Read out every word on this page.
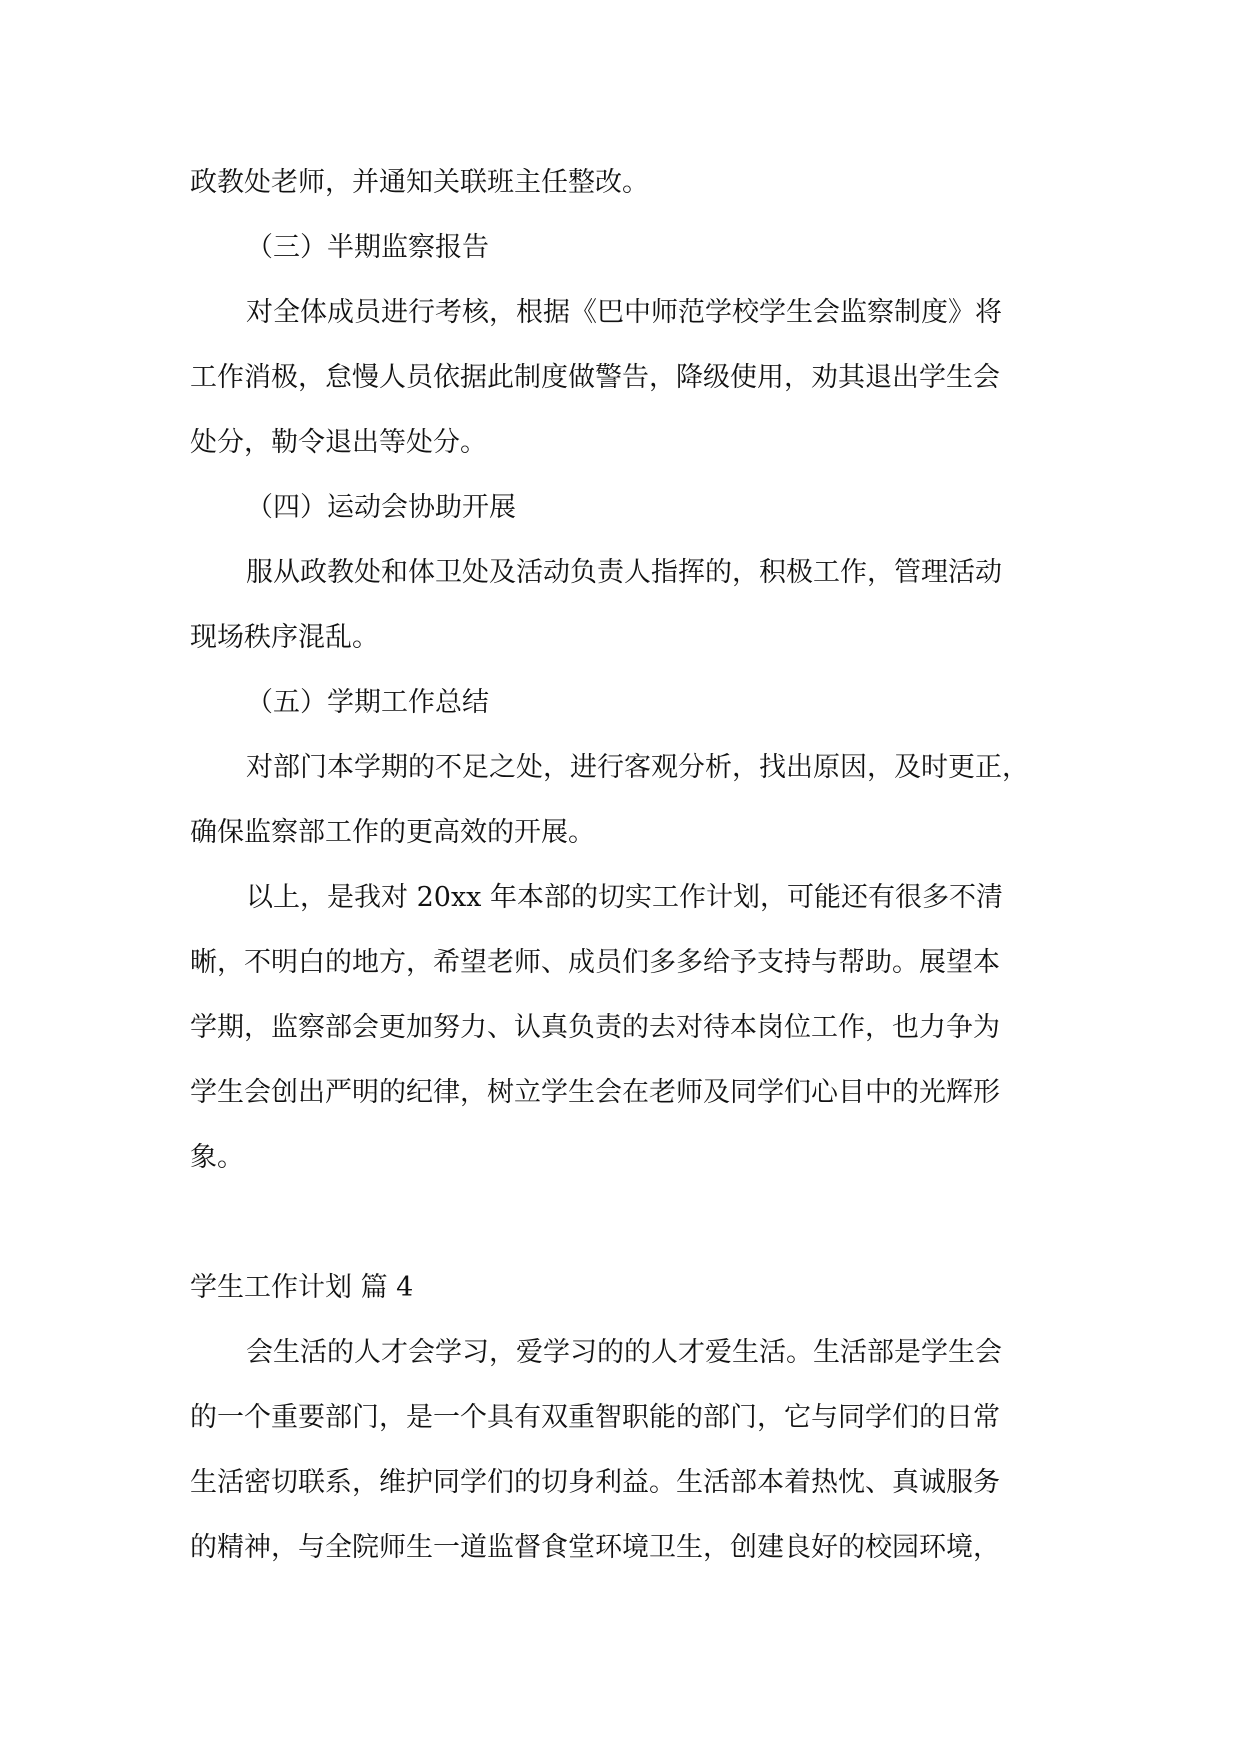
政教处老师，并通知关联班主任整改。

（三）半期监察报告

对全体成员进行考核，根据《巴中师范学校学生会监察制度》将

工作消极，怠慢人员依据此制度做警告，降级使用，劝其退出学生会

处分，勒令退出等处分。

（四）运动会协助开展

服从政教处和体卫处及活动负责人指挥的，积极工作，管理活动

现场秩序混乱。

（五）学期工作总结

对部门本学期的不足之处，进行客观分析，找出原因，及时更正，

确保监察部工作的更高效的开展。

以上，是我对 20xx 年本部的切实工作计划，可能还有很多不清

晰，不明白的地方，希望老师、成员们多多给予支持与帮助。展望本

学期，监察部会更加努力、认真负责的去对待本岗位工作，也力争为

学生会创出严明的纪律，树立学生会在老师及同学们心目中的光辉形

象。

学生工作计划 篇 4

会生活的人才会学习，爱学习的的人才爱生活。生活部是学生会

的一个重要部门，是一个具有双重智职能的部门，它与同学们的日常

生活密切联系，维护同学们的切身利益。生活部本着热忱、真诚服务

的精神，与全院师生一道监督食堂环境卫生，创建良好的校园环境，
